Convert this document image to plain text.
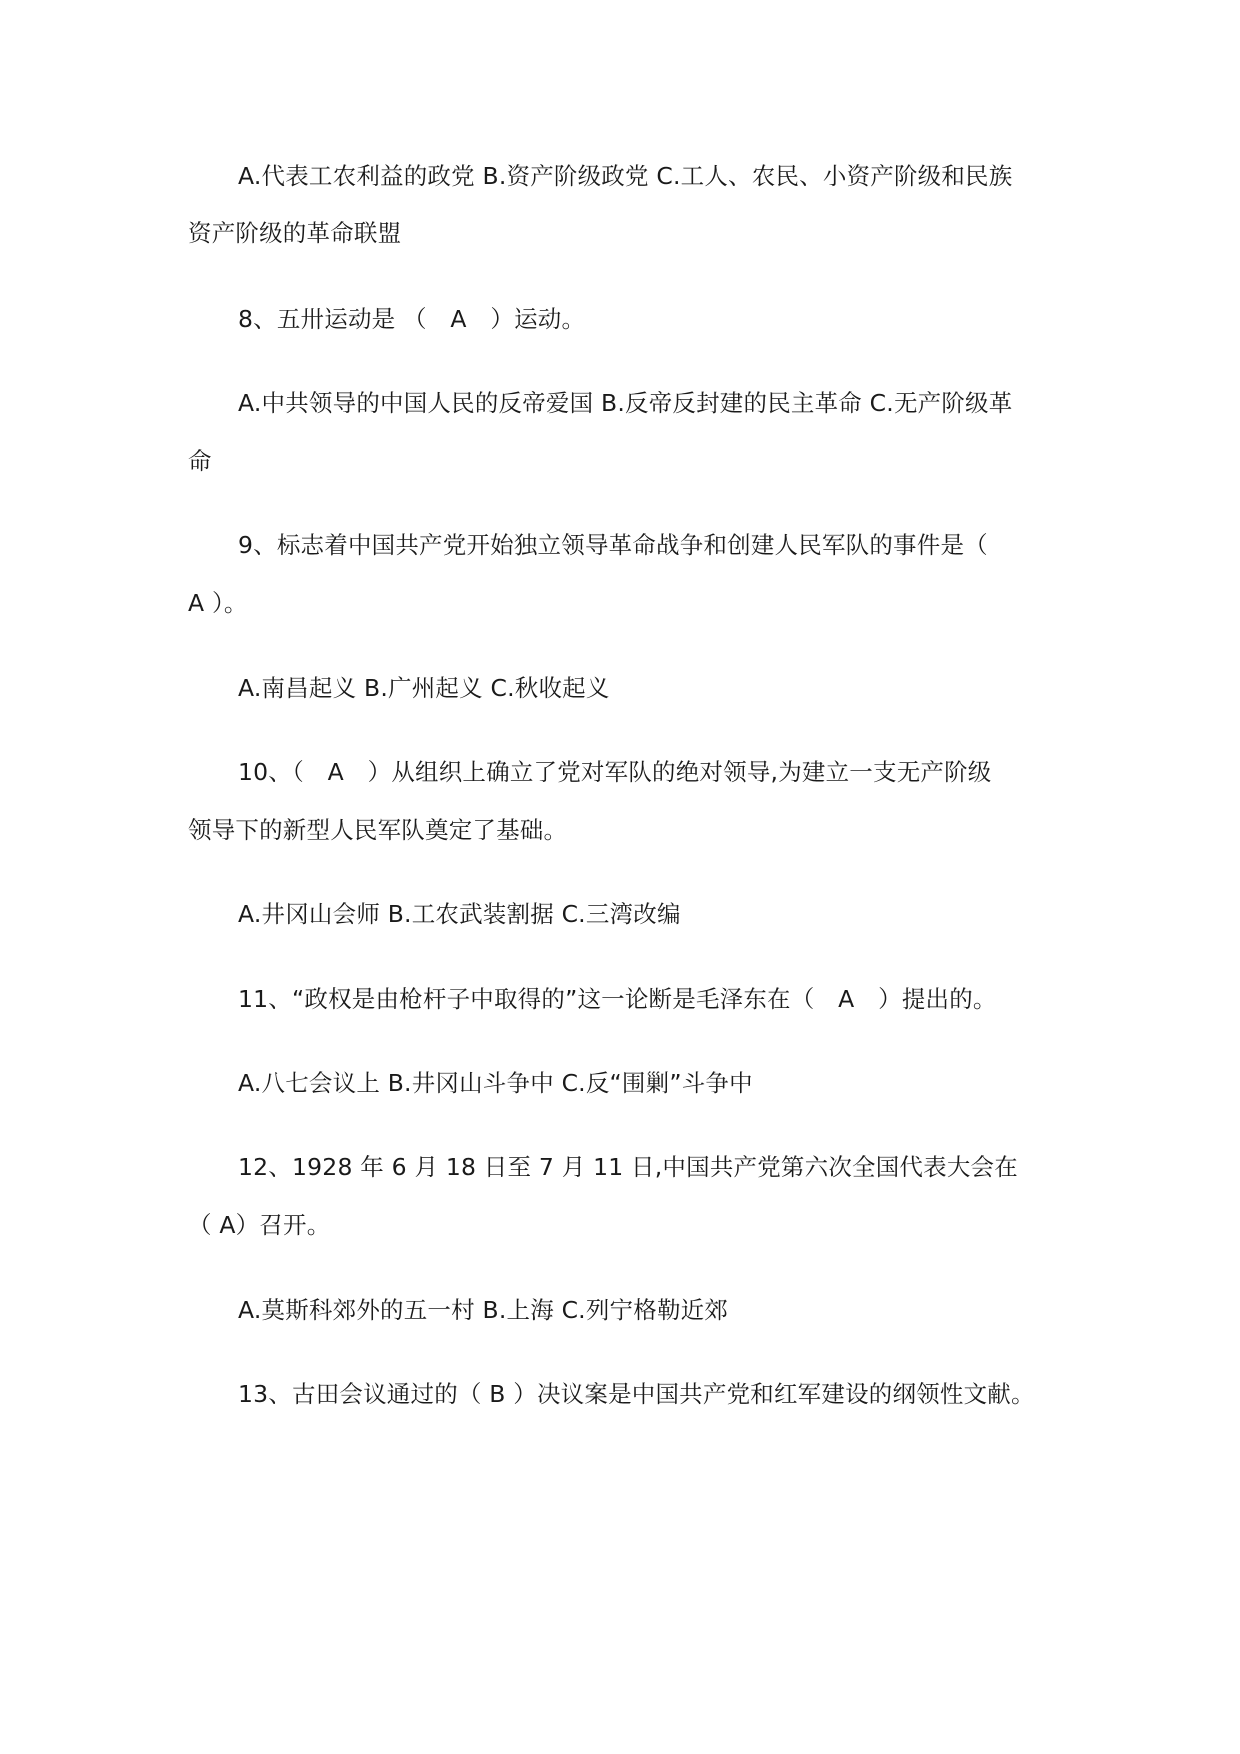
A.代表工农利益的政党 B.资产阶级政党 C.工人、农民、小资产阶级和民族
资产阶级的革命联盟
8、五卅运动是 （　A　）运动。
A.中共领导的中国人民的反帝爱国 B.反帝反封建的民主革命 C.无产阶级革
命
9、标志着中国共产党开始独立领导革命战争和创建人民军队的事件是（
A ）。
A.南昌起义 B.广州起义 C.秋收起义
10、（　A　）从组织上确立了党对军队的绝对领导,为建立一支无产阶级
领导下的新型人民军队奠定了基础。
A.井冈山会师 B.工农武装割据 C.三湾改编
11、“政权是由枪杆子中取得的”这一论断是毛泽东在（　A　）提出的。
A.八七会议上 B.井冈山斗争中 C.反“围剿”斗争中
12、1928 年 6 月 18 日至 7 月 11 日,中国共产党第六次全国代表大会在
（ A）召开。
A.莫斯科郊外的五一村 B.上海 C.列宁格勒近郊
13、古田会议通过的（ B ）决议案是中国共产党和红军建设的纲领性文献。
